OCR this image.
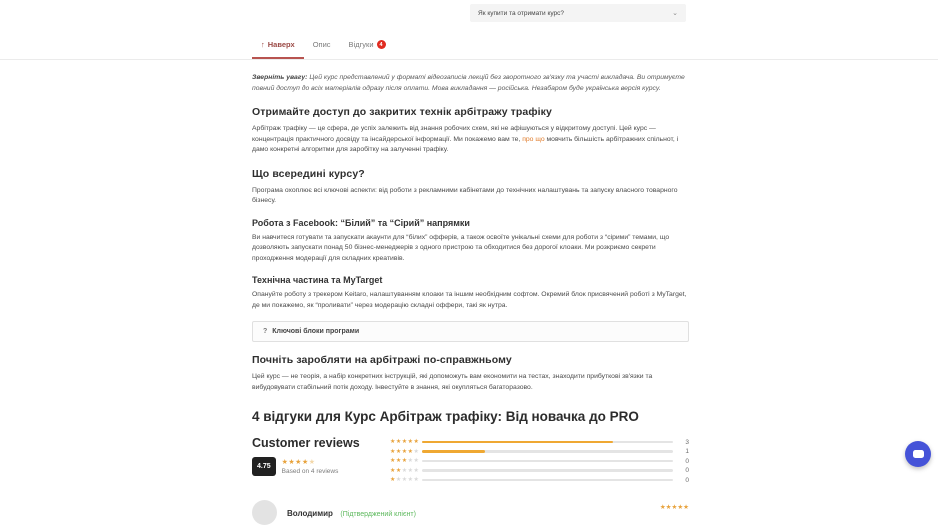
Як купити та отримати курс?	⌄
↑ Наверх Опис Відгуки	4

Зверніть увагу: Цей курс представлений у форматі відеозаписів лекцій без зворотного зв'язку та участі викладача. Ви отримуєте повний доступ до всіх матеріалів одразу після оплати. Мова викладання — російська. Незабаром буде українська версія курсу.

Отримайте доступ до закритих технік арбітражу трафіку

Арбітраж трафіку — це сфера, де успіх залежить від знання робочих схем, які не афішуються у відкритому доступі. Цей курс — концентрація практичного досвіду та інсайдерської інформації. Ми покажемо вам те, про що мовчить більшість арбітражних спільнот, і дамо конкретні алгоритми для заробітку на залученні трафіку.

Що всередині курсу?

Програма охоплює всі ключові аспекти: від роботи з рекламними кабінетами до технічних налаштувань та запуску власного товарного бізнесу.

Робота з Facebook: “Білий” та “Сірий” напрямки

Ви навчитеся готувати та запускати акаунти для “білих” офферів, а також освоїте унікальні схеми для роботи з “сірими” темами, що дозволяють запускати понад 50 бізнес-менеджерів з одного пристрою та обходитися без дорогої клоаки. Ми розкриємо секрети проходження модерації для складних креативів.

Технічна частина та MyTarget

Опануйте роботу з трекером Keitaro, налаштуванням клоаки та іншим необхідним софтом. Окремий блок присвячений роботі з MyTarget, де ми покажемо, як “проливати” через модерацію складні оффери, такі як нутра.

? Ключові блоки програми
Почніть заробляти на арбітражі по-справжньому

Цей курс — не теорія, а набір конкретних інструкцій, які допоможуть вам економити на тестах, знаходити прибуткові зв'язки та вибудовувати стабільний потік доходу. Інвестуйте в знання, які окупляться багаторазово.

4 відгуки для Курс Арбітраж трафіку: Від новачка до PRO
Customer reviews
4.75
★★★★★
Based on 4 reviews
★★★★★	3
★★★★★	1
★★★★★	0
★★★★★	0
★★★★★	0
Володимир (Підтверджений клієнт)
★★★★★
